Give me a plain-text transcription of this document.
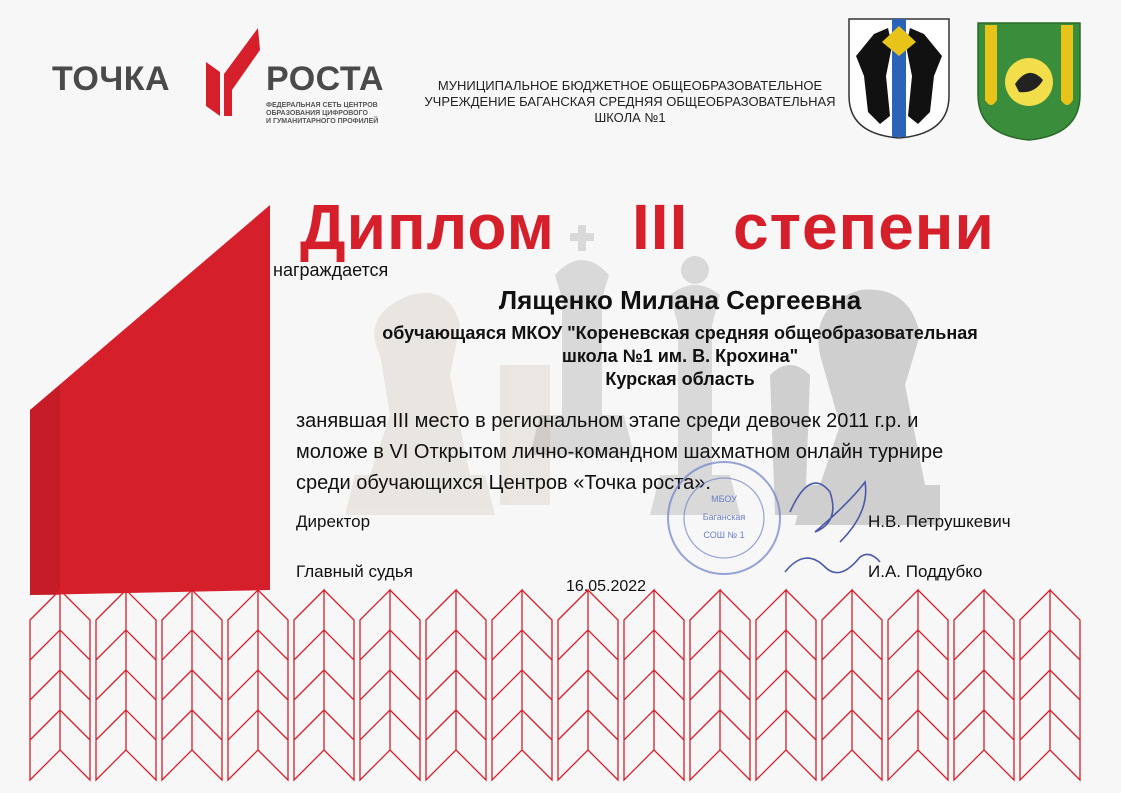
ТОЧКА	РОСТА
ФЕДЕРАЛЬНАЯ СЕТЬ ЦЕНТРОВ
ОБРАЗОВАНИЯ ЦИФРОВОГО
И ГУМАНИТАРНОГО ПРОФИЛЕЙ
МУНИЦИПАЛЬНОЕ БЮДЖЕТНОЕ ОБЩЕОБРАЗОВАТЕЛЬНОЕ
УЧРЕЖДЕНИЕ БАГАНСКАЯ СРЕДНЯЯ ОБЩЕОБРАЗОВАТЕЛЬНАЯ
ШКОЛА №1
Диплом III степени
награждается
Лященко Милана Сергеевна
обучающаяся МКОУ "Кореневская средняя общеобразовательная
школа №1 им. В. Крохина"
Курская область
занявшая III место в региональном этапе среди девочек 2011 г.р. и
моложе в VI Открытом лично-командном шахматном онлайн турнире
среди обучающихся Центров «Точка роста».
МБОУ
Баганская
СОШ № 1
Директор	Н.В. Петрушкевич
Главный судья	И.А. Поддубко
16.05.2022
